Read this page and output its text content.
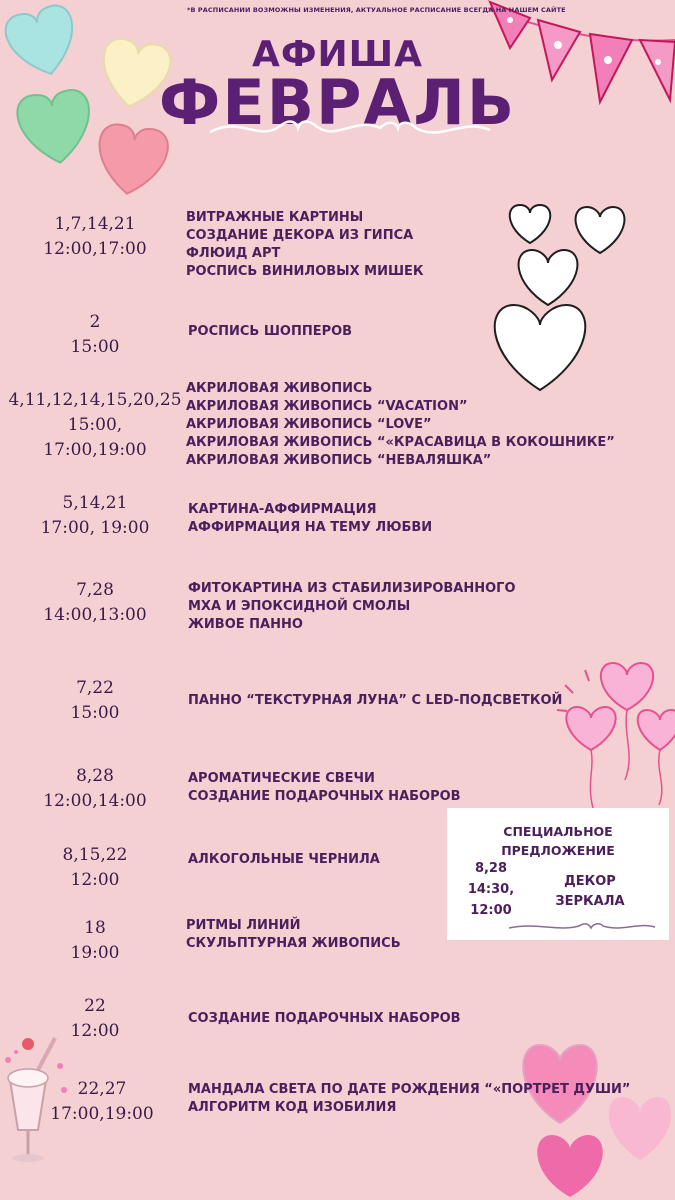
*В РАСПИСАНИИ ВОЗМОЖНЫ ИЗМЕНЕНИЯ, АКТУАЛЬНОЕ РАСПИСАНИЕ ВСЕГДА НА НАШЕМ САЙТЕ
АФИША
ФЕВРАЛЬ
1,7,14,21
12:00,17:00
ВИТРАЖНЫЕ КАРТИНЫ
СОЗДАНИЕ ДЕКОРА ИЗ ГИПСА
ФЛЮИД АРТ
РОСПИСЬ ВИНИЛОВЫХ МИШЕК
2
15:00
РОСПИСЬ ШОППЕРОВ
4,11,12,14,15,20,25
15:00,
17:00,19:00
АКРИЛОВАЯ ЖИВОПИСЬ
АКРИЛОВАЯ ЖИВОПИСЬ “VACATION”
АКРИЛОВАЯ ЖИВОПИСЬ “LOVE”
АКРИЛОВАЯ ЖИВОПИСЬ “«КРАСАВИЦА В КОКОШНИКЕ”
АКРИЛОВАЯ ЖИВОПИСЬ “НЕВАЛЯШКА”
5,14,21
17:00, 19:00
КАРТИНА-АФФИРМАЦИЯ
АФФИРМАЦИЯ НА ТЕМУ ЛЮБВИ
7,28
14:00,13:00
ФИТОКАРТИНА ИЗ СТАБИЛИЗИРОВАННОГО
МХА И ЭПОКСИДНОЙ СМОЛЫ
ЖИВОЕ ПАННО
7,22
15:00
ПАННО “ТЕКСТУРНАЯ ЛУНА” С LED-ПОДСВЕТКОЙ
8,28
12:00,14:00
АРОМАТИЧЕСКИЕ СВЕЧИ
СОЗДАНИЕ ПОДАРОЧНЫХ НАБОРОВ
8,15,22
12:00
АЛКОГОЛЬНЫЕ ЧЕРНИЛА
18
19:00
РИТМЫ ЛИНИЙ
СКУЛЬПТУРНАЯ ЖИВОПИСЬ
22
12:00
СОЗДАНИЕ ПОДАРОЧНЫХ НАБОРОВ
22,27
17:00,19:00
МАНДАЛА СВЕТА ПО ДАТЕ РОЖДЕНИЯ “«ПОРТРЕТ ДУШИ”
АЛГОРИТМ КОД ИЗОБИЛИЯ
СПЕЦИАЛЬНОЕ
ПРЕДЛОЖЕНИЕ
8,28
14:30,
12:00
ДЕКОР
ЗЕРКАЛА
